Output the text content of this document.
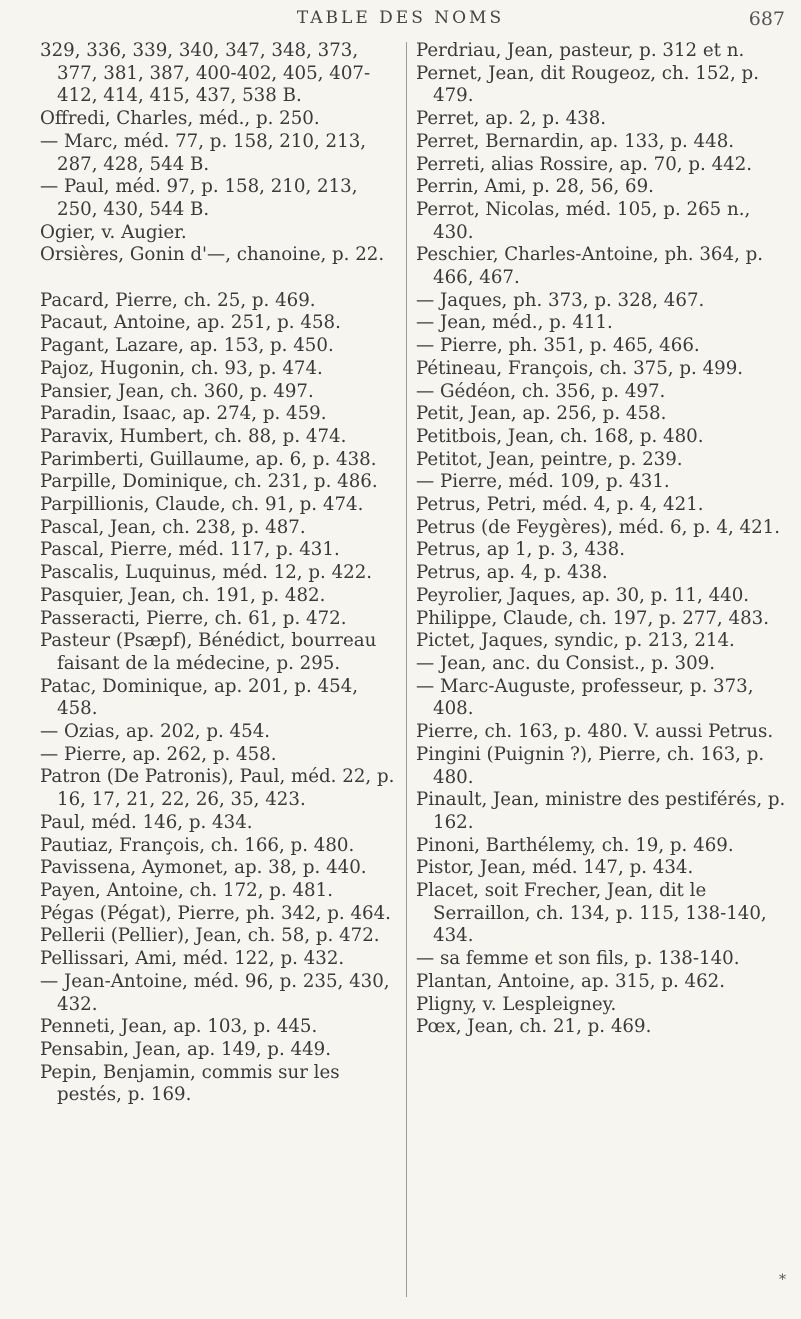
TABLE DES NOMS	687

329, 336, 339, 340, 347, 348, 373, 377, 381, 387, 400-402, 405, 407-412, 414, 415, 437, 538 B.

Offredi, Charles, méd., p. 250.

— Marc, méd. 77, p. 158, 210, 213, 287, 428, 544 B.

— Paul, méd. 97, p. 158, 210, 213, 250, 430, 544 B.

Ogier, v. Augier.

Orsières, Gonin d'—, chanoine, p. 22.

Pacard, Pierre, ch. 25, p. 469.

Pacaut, Antoine, ap. 251, p. 458.

Pagant, Lazare, ap. 153, p. 450.

Pajoz, Hugonin, ch. 93, p. 474.

Pansier, Jean, ch. 360, p. 497.

Paradin, Isaac, ap. 274, p. 459.

Paravix, Humbert, ch. 88, p. 474.

Parimberti, Guillaume, ap. 6, p. 438.

Parpille, Dominique, ch. 231, p. 486.

Parpillionis, Claude, ch. 91, p. 474.

Pascal, Jean, ch. 238, p. 487.

Pascal, Pierre, méd. 117, p. 431.

Pascalis, Luquinus, méd. 12, p. 422.

Pasquier, Jean, ch. 191, p. 482.

Passeracti, Pierre, ch. 61, p. 472.

Pasteur (Psæpf), Bénédict, bourreau faisant de la médecine, p. 295.

Patac, Dominique, ap. 201, p. 454, 458.

— Ozias, ap. 202, p. 454.

— Pierre, ap. 262, p. 458.

Patron (De Patronis), Paul, méd. 22, p. 16, 17, 21, 22, 26, 35, 423.

Paul, méd. 146, p. 434.

Pautiaz, François, ch. 166, p. 480.

Pavissena, Aymonet, ap. 38, p. 440.

Payen, Antoine, ch. 172, p. 481.

Pégas (Pégat), Pierre, ph. 342, p. 464.

Pellerii (Pellier), Jean, ch. 58, p. 472.

Pellissari, Ami, méd. 122, p. 432.

— Jean-Antoine, méd. 96, p. 235, 430, 432.

Penneti, Jean, ap. 103, p. 445.

Pensabin, Jean, ap. 149, p. 449.

Pepin, Benjamin, commis sur les pestés, p. 169.

Perdriau, Jean, pasteur, p. 312 et n.

Pernet, Jean, dit Rougeoz, ch. 152, p. 479.

Perret, ap. 2, p. 438.

Perret, Bernardin, ap. 133, p. 448.

Perreti, alias Rossire, ap. 70, p. 442.

Perrin, Ami, p. 28, 56, 69.

Perrot, Nicolas, méd. 105, p. 265 n., 430.

Peschier, Charles-Antoine, ph. 364, p. 466, 467.

— Jaques, ph. 373, p. 328, 467.

— Jean, méd., p. 411.

— Pierre, ph. 351, p. 465, 466.

Pétineau, François, ch. 375, p. 499.

— Gédéon, ch. 356, p. 497.

Petit, Jean, ap. 256, p. 458.

Petitbois, Jean, ch. 168, p. 480.

Petitot, Jean, peintre, p. 239.

— Pierre, méd. 109, p. 431.

Petrus, Petri, méd. 4, p. 4, 421.

Petrus (de Feygères), méd. 6, p. 4, 421.

Petrus, ap 1, p. 3, 438.

Petrus, ap. 4, p. 438.

Peyrolier, Jaques, ap. 30, p. 11, 440.

Philippe, Claude, ch. 197, p. 277, 483.

Pictet, Jaques, syndic, p. 213, 214.

— Jean, anc. du Consist., p. 309.

— Marc-Auguste, professeur, p. 373, 408.

Pierre, ch. 163, p. 480. V. aussi Petrus.

Pingini (Puignin ?), Pierre, ch. 163, p. 480.

Pinault, Jean, ministre des pestiférés, p. 162.

Pinoni, Barthélemy, ch. 19, p. 469.

Pistor, Jean, méd. 147, p. 434.

Placet, soit Frecher, Jean, dit le Serraillon, ch. 134, p. 115, 138-140, 434.

— sa femme et son fils, p. 138-140.

Plantan, Antoine, ap. 315, p. 462.

Pligny, v. Lespleigney.

Pœx, Jean, ch. 21, p. 469.

*
